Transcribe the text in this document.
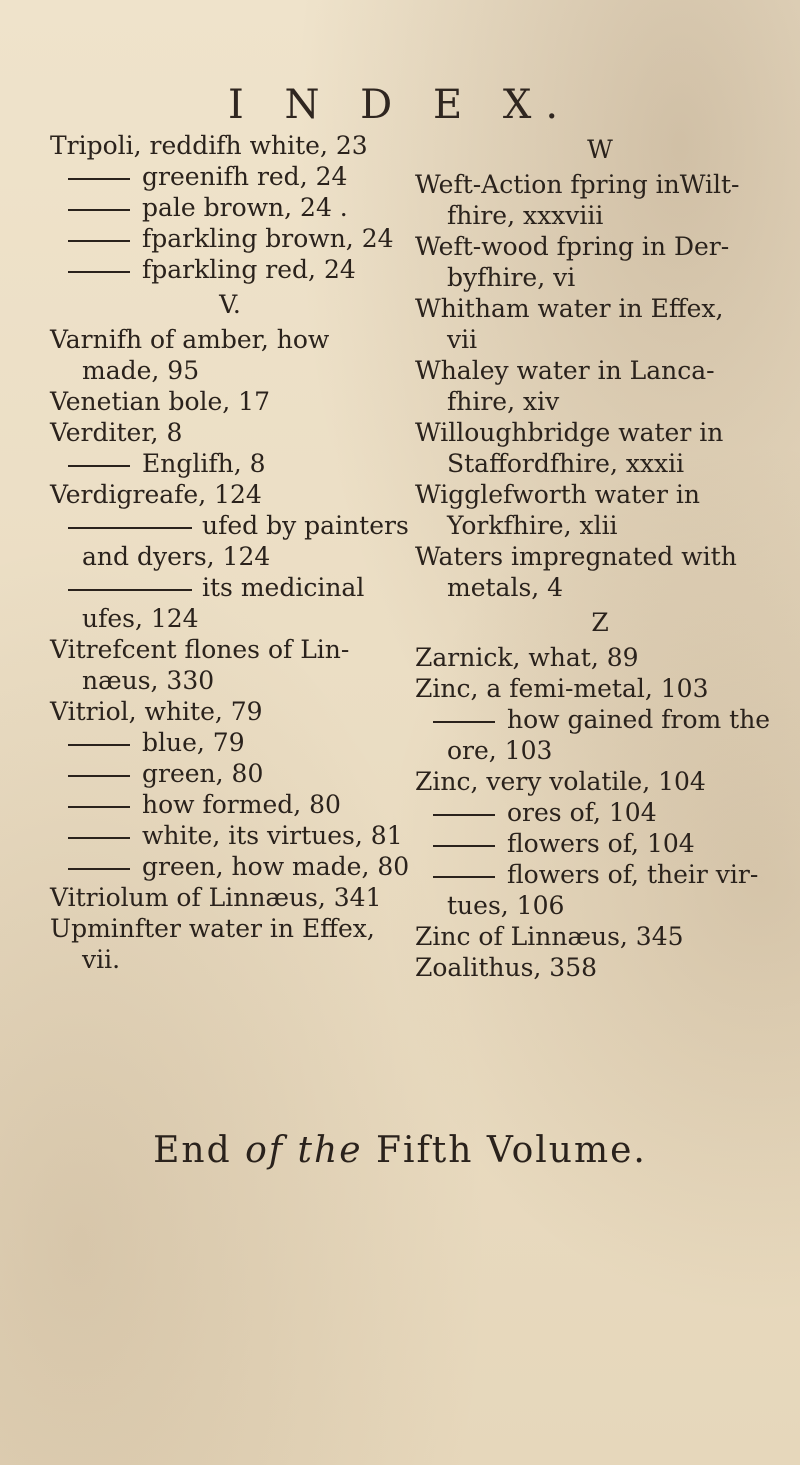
I N D E X.
Tripoli, reddifh white, 23
greenifh red, 24
pale brown, 24 .
fparkling brown, 24
fparkling red, 24
V.
Varnifh of amber, how
made, 95
Venetian bole, 17
Verditer, 8
Englifh, 8
Verdigreafe, 124
ufed by painters
and dyers, 124
its medicinal
ufes, 124
Vitrefcent flones of Lin-
næus, 330
Vitriol, white, 79
blue, 79
green, 80
how formed, 80
white, its virtues, 81
green, how made, 80
Vitriolum of Linnæus, 341
Upminfter water in Effex,
vii.
W
Weft-Action fpring inWilt-
fhire, xxxviii
Weft-wood fpring in Der-
byfhire, vi
Whitham water in Effex,
vii
Whaley water in Lanca-
fhire, xiv
Willoughbridge water in
Staffordfhire, xxxii
Wigglefworth water in
Yorkfhire, xlii
Waters impregnated with
metals, 4
Z
Zarnick, what, 89
Zinc, a femi-metal, 103
how gained from the
ore, 103
Zinc, very volatile, 104
ores of, 104
flowers of, 104
flowers of, their vir-
tues, 106
Zinc of Linnæus, 345
Zoalithus, 358
End of the Fifth Volume.
